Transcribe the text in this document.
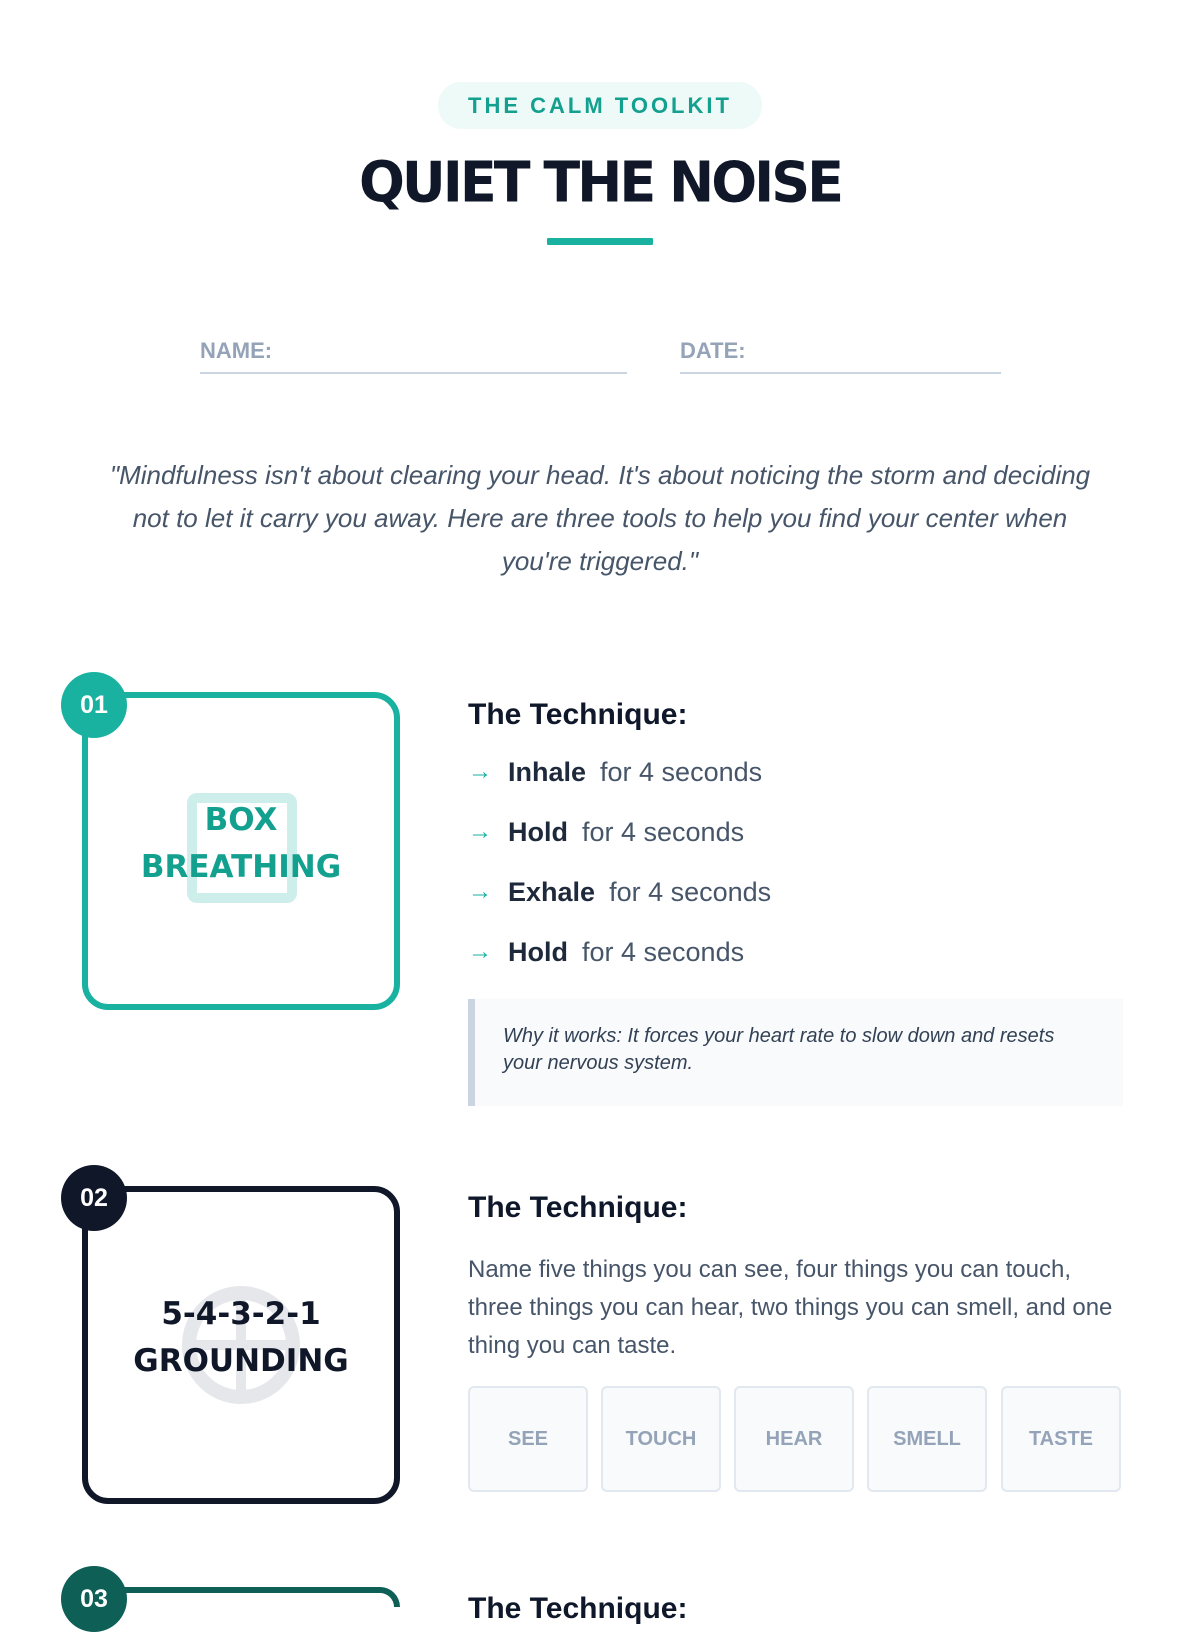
THE CALM TOOLKIT
QUIET THE NOISE
NAME:	DATE:

"Mindfulness isn't about clearing your head. It's about noticing the storm and deciding not to let it carry you away. Here are three tools to help you find your center when you're triggered."

01
BOX
BREATHING
The Technique:
→ Inhale for 4 seconds
→ Hold for 4 seconds
→ Exhale for 4 seconds
→ Hold for 4 seconds
Why it works: It forces your heart rate to slow down and resets your nervous system.
02
5-4-3-2-1
GROUNDING
The Technique:

Name five things you can see, four things you can touch, three things you can hear, two things you can smell, and one thing you can taste.

SEE	TOUCH	HEAR	SMELL	TASTE
03	The Technique:
